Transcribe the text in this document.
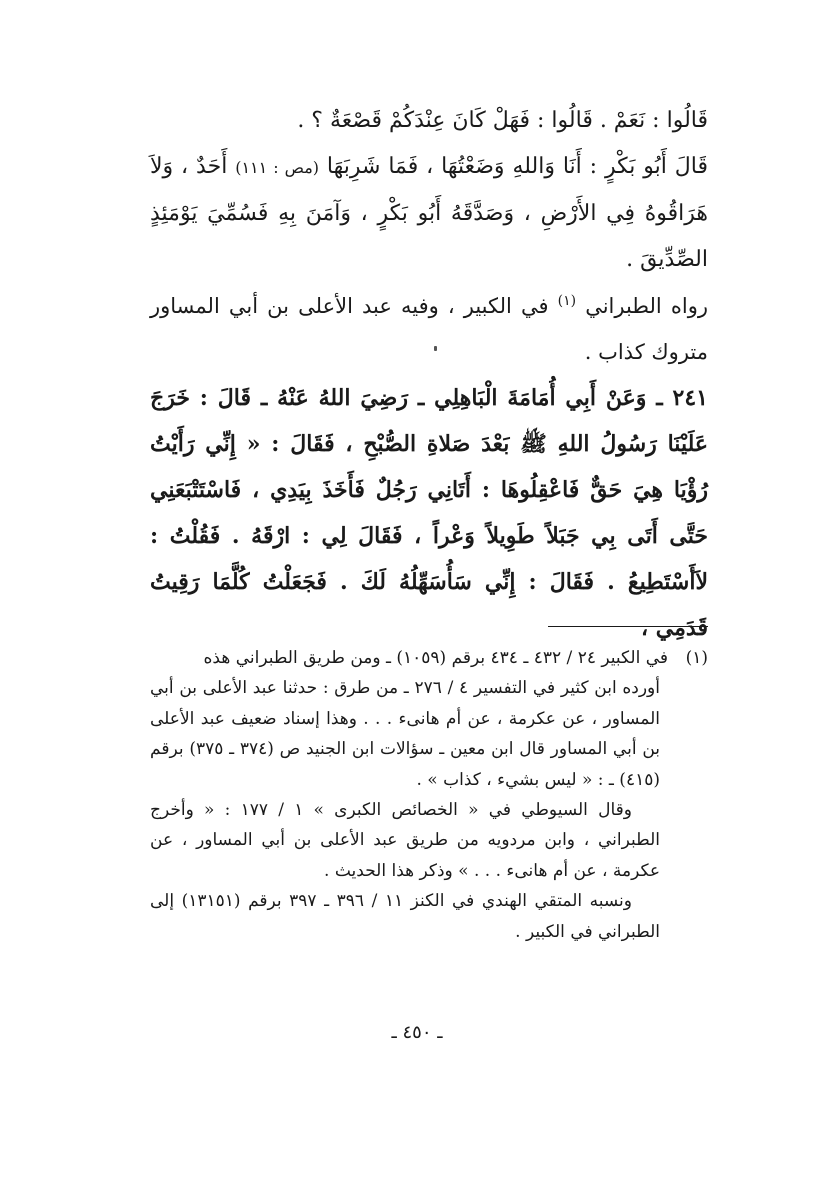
قَالُوا : نَعَمْ . قَالُوا : فَهَلْ كَانَ عِنْدَكُمْ قَصْعَةٌ ؟ .

قَالَ أَبُو بَكْرٍ : أَنَا وَاللهِ وَضَعْتُهَا ، فَمَا شَرِبَهَا (مص : ١١١) أَحَدٌ ، وَلاَ هَرَاقُوهُ فِي الأَرْضِ ، وَصَدَّقَهُ أَبُو بَكْرٍ ، وَآمَنَ بِهِ فَسُمِّيَ يَوْمَئِذٍ الصِّدِّيقَ .

رواه الطبراني $^{(١)}$ في الكبير ، وفيه عبد الأعلى بن أبي المساور متروك كذاب .

٢٤١ ـ وَعَنْ أَبِي أُمَامَةَ الْبَاهِلِي ـ رَضِيَ اللهُ عَنْهُ ـ قَالَ : خَرَجَ عَلَيْنَا رَسُولُ اللهِ ﷺ بَعْدَ صَلاةِ الصُّبْحِ ، فَقَالَ : « إِنِّي رَأَيْتُ رُؤْيَا هِيَ حَقٌّ فَاعْقِلُوهَا : أَتَانِي رَجُلٌ فَأَخَذَ بِيَدِي ، فَاسْتَتْبَعَنِي حَتَّى أَتَى بِي جَبَلاً طَوِيلاً وَعْراً ، فَقَالَ لِي : ارْقَهُ . فَقُلْتُ : لاَأَسْتَطِيعُ . فَقَالَ : إِنِّي سَأُسَهِّلُهُ لَكَ . فَجَعَلْتُ كُلَّمَا رَقِيتُ قَدَمِي ،

(١)في الكبير ٢٤ / ٤٣٢ ـ ٤٣٤ برقم (١٠٥٩) ـ ومن طريق الطبراني هذه

أورده ابن كثير في التفسير ٤ / ٢٧٦ ـ من طرق : حدثنا عبد الأعلى بن أبي المساور ، عن عكرمة ، عن أم هانىء . . . وهذا إسناد ضعيف عبد الأعلى بن أبي المساور قال ابن معين ـ سؤالات ابن الجنيد ص (٣٧٤ ـ ٣٧٥) برقم (٤١٥) ـ : « ليس بشيء ، كذاب » .

وقال السيوطي في « الخصائص الكبرى » ١ / ١٧٧ : « وأخرج الطبراني ، وابن مردويه من طريق عبد الأعلى بن أبي المساور ، عن عكرمة ، عن أم هانىء . . . » وذكر هذا الحديث .

ونسبه المتقي الهندي في الكنز ١١ / ٣٩٦ ـ ٣٩٧ برقم (١٣١٥١) إلى الطبراني في الكبير .

ـ ٤٥٠ ـ
